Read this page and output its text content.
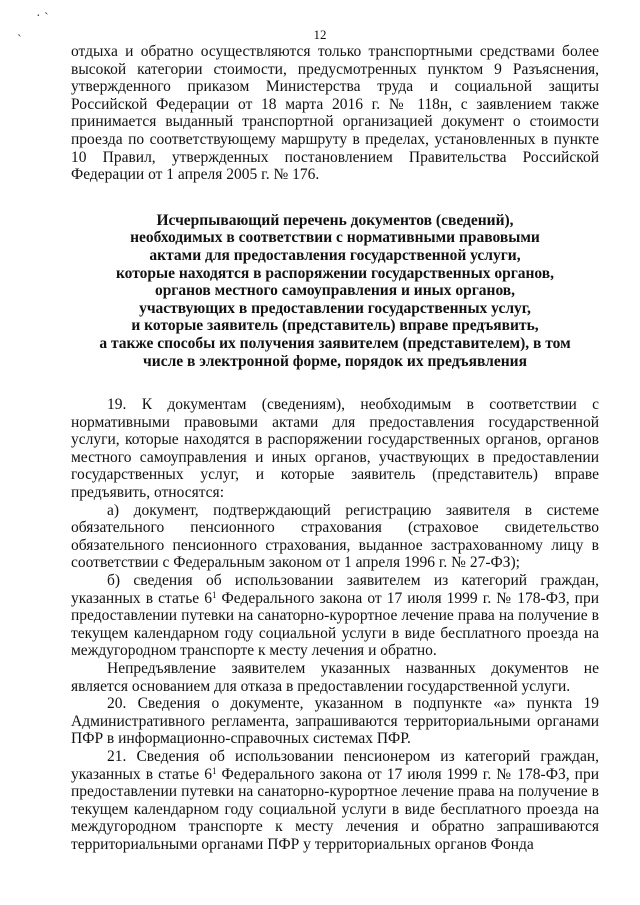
· `
`	12

отдыха и обратно осуществляются только транспортными средствами более высокой категории стоимости, предусмотренных пунктом 9 Разъяснения, утвержденного приказом Министерства труда и социальной защиты Российской Федерации от 18 марта 2016 г. № 118н, с заявлением также принимается выданный транспортной организацией документ о стоимости проезда по соответствующему маршруту в пределах, установленных в пункте 10 Правил, утвержденных постановлением Правительства Российской Федерации от 1 апреля 2005 г. № 176.

Исчерпывающий перечень документов (сведений),
необходимых в соответствии с нормативными правовыми
актами для предоставления государственной услуги,
которые находятся в распоряжении государственных органов,
органов местного самоуправления и иных органов,
участвующих в предоставлении государственных услуг,
и которые заявитель (представитель) вправе предъявить,
а также способы их получения заявителем (представителем), в том
числе в электронной форме, порядок их предъявления

19. К документам (сведениям), необходимым в соответствии с нормативными правовыми актами для предоставления государственной услуги, которые находятся в распоряжении государственных органов, органов местного самоуправления и иных органов, участвующих в предоставлении государственных услуг, и которые заявитель (представитель) вправе предъявить, относятся:

а) документ, подтверждающий регистрацию заявителя в системе обязательного пенсионного страхования (страховое свидетельство обязательного пенсионного страхования, выданное застрахованному лицу в соответствии с Федеральным законом от 1 апреля 1996 г. № 27-ФЗ);

б) сведения об использовании заявителем из категорий граждан, указанных в статье $6^1$ Федерального закона от 17 июля 1999 г. № 178-ФЗ, при предоставлении путевки на санаторно-курортное лечение права на получение в текущем календарном году социальной услуги в виде бесплатного проезда на междугородном транспорте к месту лечения и обратно.

Непредъявление заявителем указанных названных документов не является основанием для отказа в предоставлении государственной услуги.

20. Сведения о документе, указанном в подпункте «а» пункта 19 Административного регламента, запрашиваются территориальными органами ПФР в информационно-справочных системах ПФР.

21. Сведения об использовании пенсионером из категорий граждан, указанных в статье $6^1$ Федерального закона от 17 июля 1999 г. № 178-ФЗ, при предоставлении путевки на санаторно-курортное лечение права на получение в текущем календарном году социальной услуги в виде бесплатного проезда на междугородном транспорте к месту лечения и обратно запрашиваются территориальными органами ПФР у территориальных органов Фонда
